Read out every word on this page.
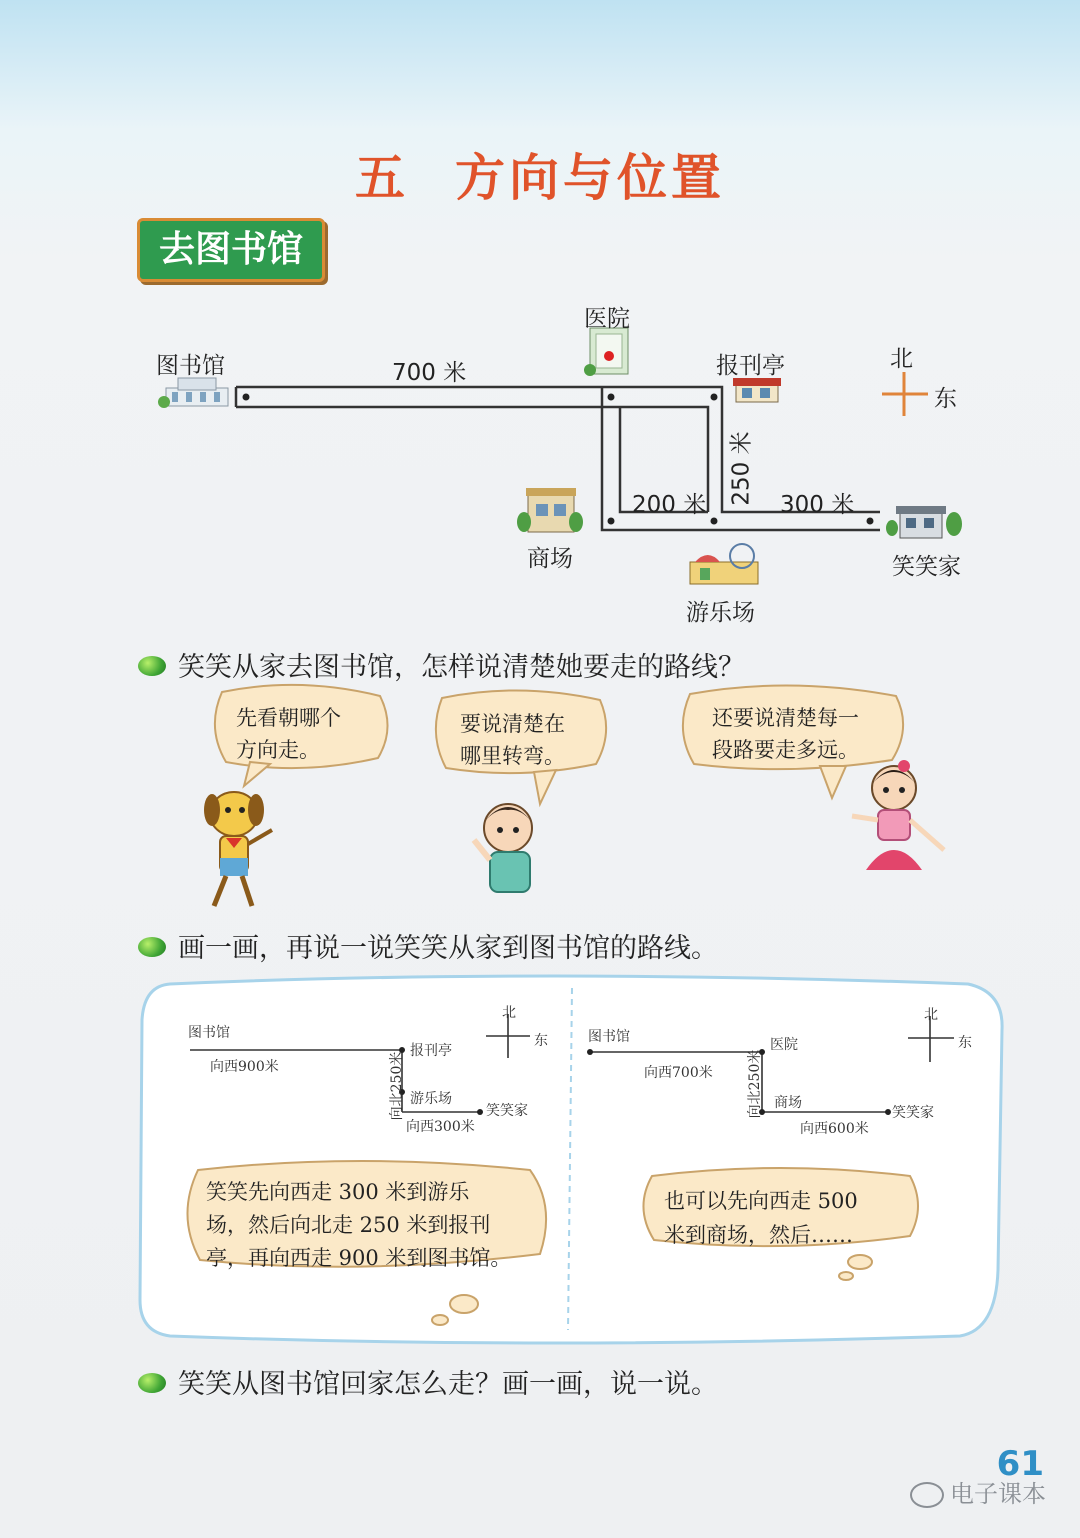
五 方向与位置
去图书馆
图书馆
医院
报刊亭
商场
游乐场
笑笑家
700 米
200 米	300 米
250 米
北
东
笑笑从家去图书馆，怎样说清楚她要走的路线？
先看朝哪个
方向走。
要说清楚在
哪里转弯。
还要说清楚每一
段路要走多远。
画一画，再说一说笑笑从家到图书馆的路线。
图书馆
向西900米
报刊亭
向北250米 游乐场
笑笑家
向西300米
北
东	图书馆
向西700米
医院
向北250米 商场
笑笑家
向西600米
北
东
笑笑先向西走 300 米到游乐
场，然后向北走 250 米到报刊
亭，再向西走 900 米到图书馆。
也可以先向西走 500
米到商场，然后……
笑笑从图书馆回家怎么走？画一画，说一说。
61
电子课本
